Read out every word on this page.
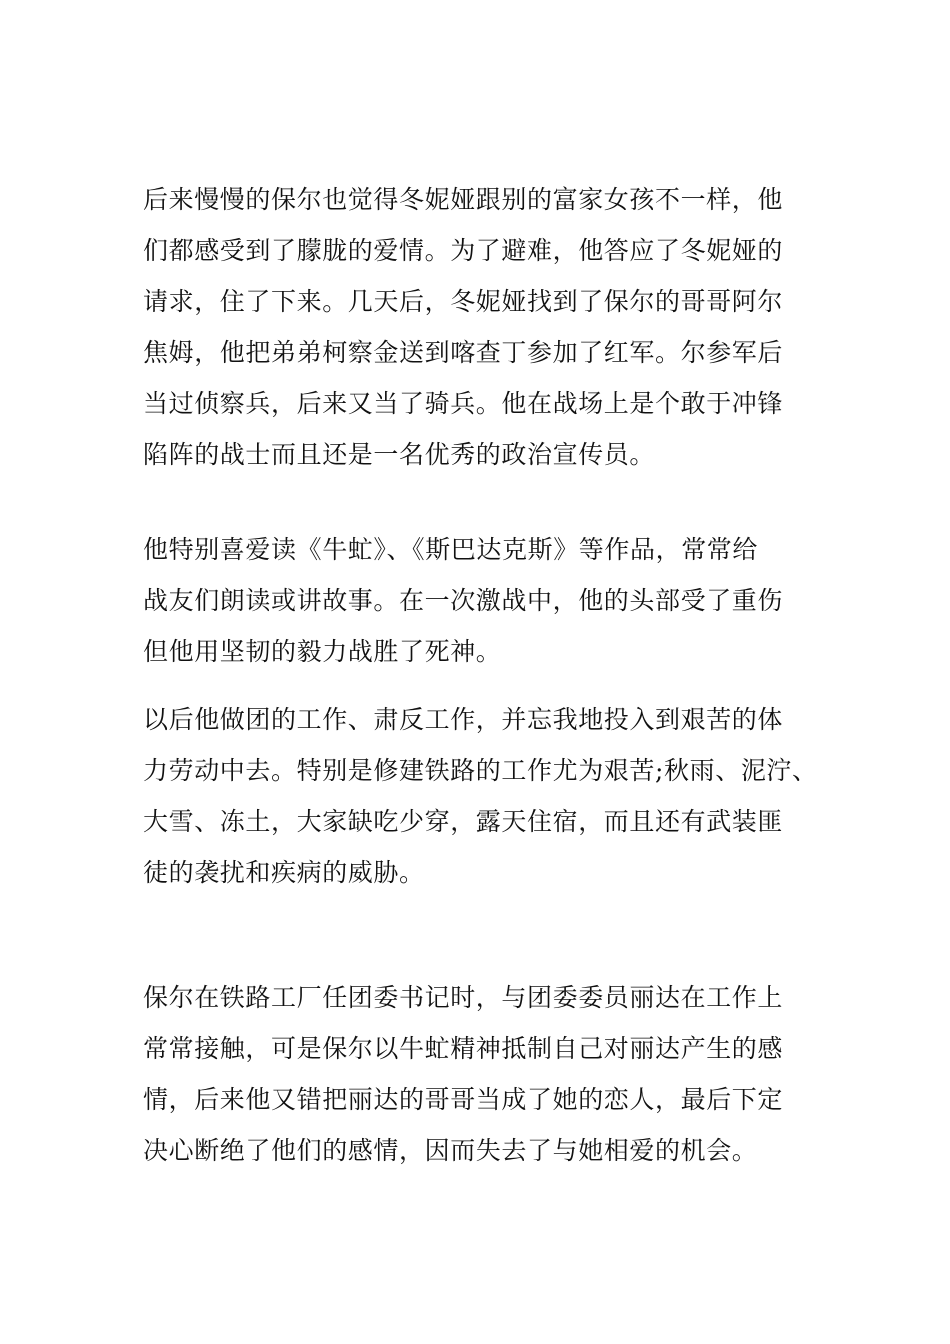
后来慢慢的保尔也觉得冬妮娅跟别的富家女孩不一样，他
们都感受到了朦胧的爱情。为了避难，他答应了冬妮娅的
请求，住了下来。几天后，冬妮娅找到了保尔的哥哥阿尔
焦姆，他把弟弟柯察金送到喀查丁参加了红军。尔参军后
当过侦察兵，后来又当了骑兵。他在战场上是个敢于冲锋
陷阵的战士而且还是一名优秀的政治宣传员。
他特别喜爱读《牛虻》、《斯巴达克斯》等作品，常常给
战友们朗读或讲故事。在一次激战中，他的头部受了重伤
但他用坚韧的毅力战胜了死神。
以后他做团的工作、肃反工作，并忘我地投入到艰苦的体
力劳动中去。特别是修建铁路的工作尤为艰苦;秋雨、泥泞、
大雪、冻土，大家缺吃少穿，露天住宿，而且还有武装匪
徒的袭扰和疾病的威胁。
保尔在铁路工厂任团委书记时，与团委委员丽达在工作上
常常接触，可是保尔以牛虻精神抵制自己对丽达产生的感
情，后来他又错把丽达的哥哥当成了她的恋人，最后下定
决心断绝了他们的感情，因而失去了与她相爱的机会。
